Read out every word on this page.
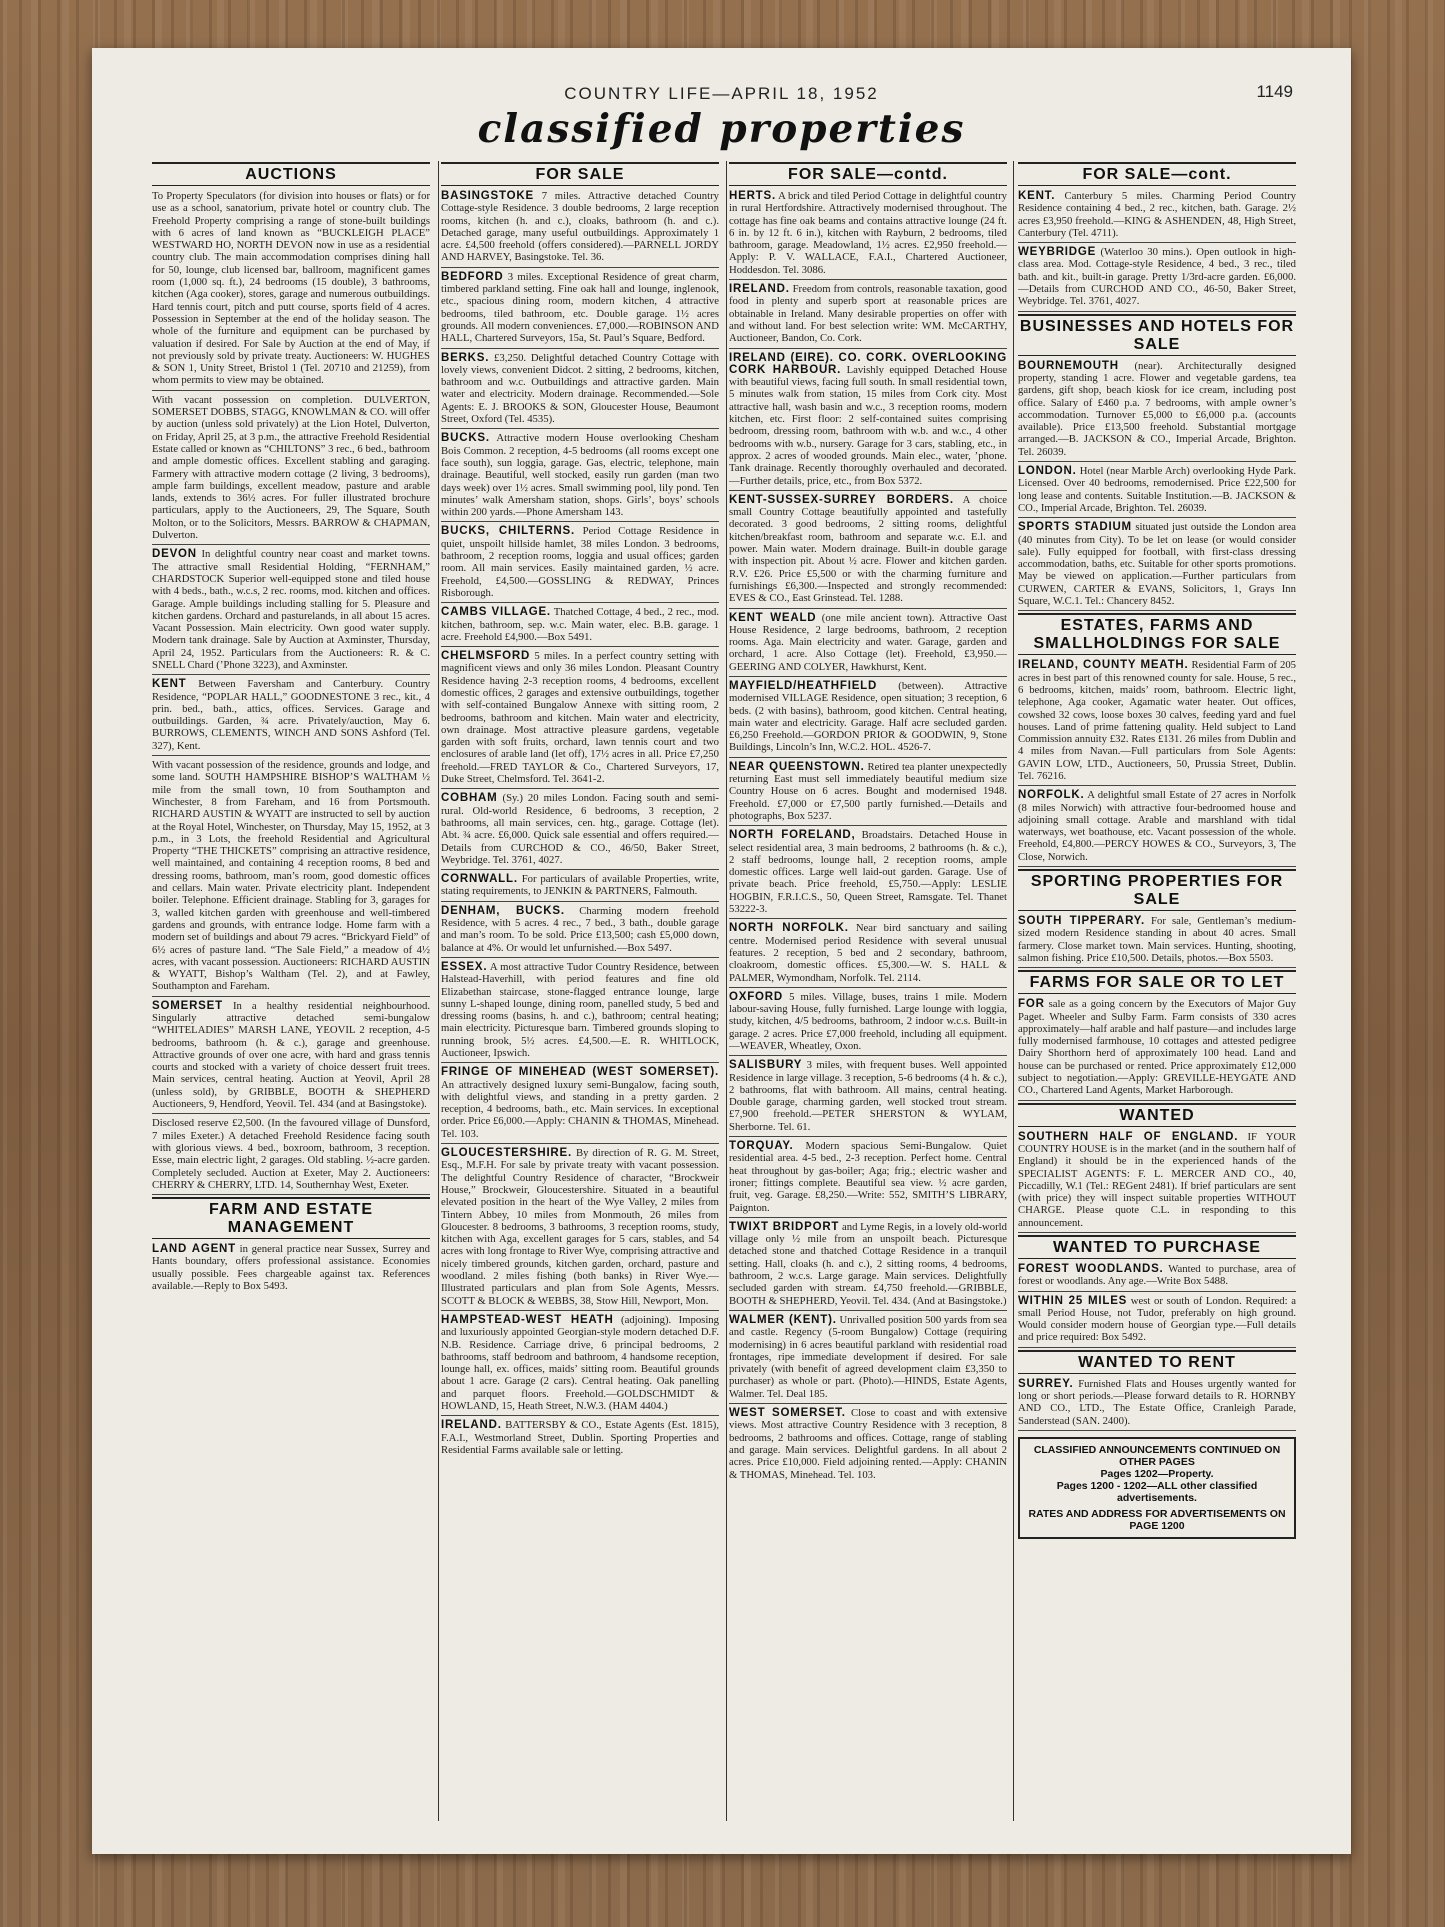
COUNTRY LIFE—APRIL 18, 1952	1149
classified properties
AUCTIONS
To Property Speculators (for division into houses or flats) or for use as a school, sanatorium, private hotel or country club. The Freehold Property comprising a range of stone-built buildings with 6 acres of land known as “BUCKLEIGH PLACE” WESTWARD HO, NORTH DEVON now in use as a residential country club. The main accommodation comprises dining hall for 50, lounge, club licensed bar, ballroom, magnificent games room (1,000 sq. ft.), 24 bedrooms (15 double), 3 bathrooms, kitchen (Aga cooker), stores, garage and numerous outbuildings. Hard tennis court, pitch and putt course, sports field of 4 acres. Possession in September at the end of the holiday season. The whole of the furniture and equipment can be purchased by valuation if desired. For Sale by Auction at the end of May, if not previously sold by private treaty. Auctioneers: W. HUGHES & SON 1, Unity Street, Bristol 1 (Tel. 20710 and 21259), from whom permits to view may be obtained.
With vacant possession on completion. DULVERTON, SOMERSET DOBBS, STAGG, KNOWLMAN & CO. will offer by auction (unless sold privately) at the Lion Hotel, Dulverton, on Friday, April 25, at 3 p.m., the attractive Freehold Residential Estate called or known as “CHILTONS” 3 rec., 6 bed., bathroom and ample domestic offices. Excellent stabling and garaging. Farmery with attractive modern cottage (2 living, 3 bedrooms), ample farm buildings, excellent meadow, pasture and arable lands, extends to 36½ acres. For fuller illustrated brochure particulars, apply to the Auctioneers, 29, The Square, South Molton, or to the Solicitors, Messrs. BARROW & CHAPMAN, Dulverton.
DEVON In delightful country near coast and market towns. The attractive small Residential Holding, “FERNHAM,” CHARDSTOCK Superior well-equipped stone and tiled house with 4 beds., bath., w.c.s, 2 rec. rooms, mod. kitchen and offices. Garage. Ample buildings including stalling for 5. Pleasure and kitchen gardens. Orchard and pasturelands, in all about 15 acres. Vacant Possession. Main electricity. Own good water supply. Modern tank drainage. Sale by Auction at Axminster, Thursday, April 24, 1952. Particulars from the Auctioneers: R. & C. SNELL Chard (’Phone 3223), and Axminster.
KENT Between Faversham and Canterbury. Country Residence, “POPLAR HALL,” GOODNESTONE 3 rec., kit., 4 prin. bed., bath., attics, offices. Services. Garage and outbuildings. Garden, ¾ acre. Privately/auction, May 6. BURROWS, CLEMENTS, WINCH AND SONS Ashford (Tel. 327), Kent.
With vacant possession of the residence, grounds and lodge, and some land. SOUTH HAMPSHIRE BISHOP’S WALTHAM ½ mile from the small town, 10 from Southampton and Winchester, 8 from Fareham, and 16 from Portsmouth. RICHARD AUSTIN & WYATT are instructed to sell by auction at the Royal Hotel, Winchester, on Thursday, May 15, 1952, at 3 p.m., in 3 Lots, the freehold Residential and Agricultural Property “THE THICKETS” comprising an attractive residence, well maintained, and containing 4 reception rooms, 8 bed and dressing rooms, bathroom, man’s room, good domestic offices and cellars. Main water. Private electricity plant. Independent boiler. Telephone. Efficient drainage. Stabling for 3, garages for 3, walled kitchen garden with greenhouse and well-timbered gardens and grounds, with entrance lodge. Home farm with a modern set of buildings and about 79 acres. “Brickyard Field” of 6½ acres of pasture land. “The Sale Field,” a meadow of 4½ acres, with vacant possession. Auctioneers: RICHARD AUSTIN & WYATT, Bishop’s Waltham (Tel. 2), and at Fawley, Southampton and Fareham.
SOMERSET In a healthy residential neighbourhood. Singularly attractive detached semi-bungalow “WHITELADIES” MARSH LANE, YEOVIL 2 reception, 4-5 bedrooms, bathroom (h. & c.), garage and greenhouse. Attractive grounds of over one acre, with hard and grass tennis courts and stocked with a variety of choice dessert fruit trees. Main services, central heating. Auction at Yeovil, April 28 (unless sold), by GRIBBLE, BOOTH & SHEPHERD Auctioneers, 9, Hendford, Yeovil. Tel. 434 (and at Basingstoke).
Disclosed reserve £2,500. (In the favoured village of Dunsford, 7 miles Exeter.) A detached Freehold Residence facing south with glorious views. 4 bed., boxroom, bathroom, 3 reception. Esse, main electric light, 2 garages. Old stabling. ½-acre garden. Completely secluded. Auction at Exeter, May 2. Auctioneers: CHERRY & CHERRY, LTD. 14, Southernhay West, Exeter.
FARM AND ESTATE MANAGEMENT
LAND AGENT in general practice near Sussex, Surrey and Hants boundary, offers professional assistance. Economies usually possible. Fees chargeable against tax. References available.—Reply to Box 5493.
FOR SALE
BASINGSTOKE 7 miles. Attractive detached Country Cottage-style Residence. 3 double bedrooms, 2 large reception rooms, kitchen (h. and c.), cloaks, bathroom (h. and c.). Detached garage, many useful outbuildings. Approximately 1 acre. £4,500 freehold (offers considered).—PARNELL JORDY AND HARVEY, Basingstoke. Tel. 36.
BEDFORD 3 miles. Exceptional Residence of great charm, timbered parkland setting. Fine oak hall and lounge, inglenook, etc., spacious dining room, modern kitchen, 4 attractive bedrooms, tiled bathroom, etc. Double garage. 1½ acres grounds. All modern conveniences. £7,000.—ROBINSON AND HALL, Chartered Surveyors, 15a, St. Paul’s Square, Bedford.
BERKS. £3,250. Delightful detached Country Cottage with lovely views, convenient Didcot. 2 sitting, 2 bedrooms, kitchen, bathroom and w.c. Outbuildings and attractive garden. Main water and electricity. Modern drainage. Recommended.—Sole Agents: E. J. BROOKS & SON, Gloucester House, Beaumont Street, Oxford (Tel. 4535).
BUCKS. Attractive modern House overlooking Chesham Bois Common. 2 reception, 4-5 bedrooms (all rooms except one face south), sun loggia, garage. Gas, electric, telephone, main drainage. Beautiful, well stocked, easily run garden (man two days week) over 1½ acres. Small swimming pool, lily pond. Ten minutes’ walk Amersham station, shops. Girls’, boys’ schools within 200 yards.—Phone Amersham 143.
BUCKS, CHILTERNS. Period Cottage Residence in quiet, unspoilt hillside hamlet, 38 miles London. 3 bedrooms, bathroom, 2 reception rooms, loggia and usual offices; garden room. All main services. Easily maintained garden, ½ acre. Freehold, £4,500.—GOSSLING & REDWAY, Princes Risborough.
CAMBS VILLAGE. Thatched Cottage, 4 bed., 2 rec., mod. kitchen, bathroom, sep. w.c. Main water, elec. B.B. garage. 1 acre. Freehold £4,900.—Box 5491.
CHELMSFORD 5 miles. In a perfect country setting with magnificent views and only 36 miles London. Pleasant Country Residence having 2-3 reception rooms, 4 bedrooms, excellent domestic offices, 2 garages and extensive outbuildings, together with self-contained Bungalow Annexe with sitting room, 2 bedrooms, bathroom and kitchen. Main water and electricity, own drainage. Most attractive pleasure gardens, vegetable garden with soft fruits, orchard, lawn tennis court and two enclosures of arable land (let off), 17½ acres in all. Price £7,250 freehold.—FRED TAYLOR & Co., Chartered Surveyors, 17, Duke Street, Chelmsford. Tel. 3641-2.
COBHAM (Sy.) 20 miles London. Facing south and semi-rural. Old-world Residence, 6 bedrooms, 3 reception, 2 bathrooms, all main services, cen. htg., garage. Cottage (let). Abt. ¾ acre. £6,000. Quick sale essential and offers required.—Details from CURCHOD & CO., 46/50, Baker Street, Weybridge. Tel. 3761, 4027.
CORNWALL. For particulars of available Properties, write, stating requirements, to JENKIN & PARTNERS, Falmouth.
DENHAM, BUCKS. Charming modern freehold Residence, with 5 acres. 4 rec., 7 bed., 3 bath., double garage and man’s room. To be sold. Price £13,500; cash £5,000 down, balance at 4%. Or would let unfurnished.—Box 5497.
ESSEX. A most attractive Tudor Country Residence, between Halstead-Haverhill, with period features and fine old Elizabethan staircase, stone-flagged entrance lounge, large sunny L-shaped lounge, dining room, panelled study, 5 bed and dressing rooms (basins, h. and c.), bathroom; central heating; main electricity. Picturesque barn. Timbered grounds sloping to running brook, 5½ acres. £4,500.—E. R. WHITLOCK, Auctioneer, Ipswich.
FRINGE OF MINEHEAD (WEST SOMERSET). An attractively designed luxury semi-Bungalow, facing south, with delightful views, and standing in a pretty garden. 2 reception, 4 bedrooms, bath., etc. Main services. In exceptional order. Price £6,000.—Apply: CHANIN & THOMAS, Minehead. Tel. 103.
GLOUCESTERSHIRE. By direction of R. G. M. Street, Esq., M.F.H. For sale by private treaty with vacant possession. The delightful Country Residence of character, “Brockweir House,” Brockweir, Gloucestershire. Situated in a beautiful elevated position in the heart of the Wye Valley, 2 miles from Tintern Abbey, 10 miles from Monmouth, 26 miles from Gloucester. 8 bedrooms, 3 bathrooms, 3 reception rooms, study, kitchen with Aga, excellent garages for 5 cars, stables, and 54 acres with long frontage to River Wye, comprising attractive and nicely timbered grounds, kitchen garden, orchard, pasture and woodland. 2 miles fishing (both banks) in River Wye.—Illustrated particulars and plan from Sole Agents, Messrs. SCOTT & BLOCK & WEBBS, 38, Stow Hill, Newport, Mon.
HAMPSTEAD-WEST HEATH (adjoining). Imposing and luxuriously appointed Georgian-style modern detached D.F. N.B. Residence. Carriage drive, 6 principal bedrooms, 2 bathrooms, staff bedroom and bathroom, 4 handsome reception, lounge hall, ex. offices, maids’ sitting room. Beautiful grounds about 1 acre. Garage (2 cars). Central heating. Oak panelling and parquet floors. Freehold.—GOLDSCHMIDT & HOWLAND, 15, Heath Street, N.W.3. (HAM 4404.)
IRELAND. BATTERSBY & CO., Estate Agents (Est. 1815), F.A.I., Westmorland Street, Dublin. Sporting Properties and Residential Farms available sale or letting.
FOR SALE—contd.
HERTS. A brick and tiled Period Cottage in delightful country in rural Hertfordshire. Attractively modernised throughout. The cottage has fine oak beams and contains attractive lounge (24 ft. 6 in. by 12 ft. 6 in.), kitchen with Rayburn, 2 bedrooms, tiled bathroom, garage. Meadowland, 1½ acres. £2,950 freehold.—Apply: P. V. WALLACE, F.A.I., Chartered Auctioneer, Hoddesdon. Tel. 3086.
IRELAND. Freedom from controls, reasonable taxation, good food in plenty and superb sport at reasonable prices are obtainable in Ireland. Many desirable properties on offer with and without land. For best selection write: WM. McCARTHY, Auctioneer, Bandon, Co. Cork.
IRELAND (EIRE). CO. CORK. OVERLOOKING CORK HARBOUR. Lavishly equipped Detached House with beautiful views, facing full south. In small residential town, 5 minutes walk from station, 15 miles from Cork city. Most attractive hall, wash basin and w.c., 3 reception rooms, modern kitchen, etc. First floor: 2 self-contained suites comprising bedroom, dressing room, bathroom with w.b. and w.c., 4 other bedrooms with w.b., nursery. Garage for 3 cars, stabling, etc., in approx. 2 acres of wooded grounds. Main elec., water, ’phone. Tank drainage. Recently thoroughly overhauled and decorated.—Further details, price, etc., from Box 5372.
KENT-SUSSEX-SURREY BORDERS. A choice small Country Cottage beautifully appointed and tastefully decorated. 3 good bedrooms, 2 sitting rooms, delightful kitchen/breakfast room, bathroom and separate w.c. E.l. and power. Main water. Modern drainage. Built-in double garage with inspection pit. About ½ acre. Flower and kitchen garden. R.V. £26. Price £5,500 or with the charming furniture and furnishings £6,300.—Inspected and strongly recommended: EVES & CO., East Grinstead. Tel. 1288.
KENT WEALD (one mile ancient town). Attractive Oast House Residence, 2 large bedrooms, bathroom, 2 reception rooms. Aga. Main electricity and water. Garage, garden and orchard, 1 acre. Also Cottage (let). Freehold, £3,950.—GEERING AND COLYER, Hawkhurst, Kent.
MAYFIELD/HEATHFIELD (between). Attractive modernised VILLAGE Residence, open situation; 3 reception, 6 beds. (2 with basins), bathroom, good kitchen. Central heating, main water and electricity. Garage. Half acre secluded garden. £6,250 Freehold.—GORDON PRIOR & GOODWIN, 9, Stone Buildings, Lincoln’s Inn, W.C.2. HOL. 4526-7.
NEAR QUEENSTOWN. Retired tea planter unexpectedly returning East must sell immediately beautiful medium size Country House on 6 acres. Bought and modernised 1948. Freehold. £7,000 or £7,500 partly furnished.—Details and photographs, Box 5237.
NORTH FORELAND, Broadstairs. Detached House in select residential area, 3 main bedrooms, 2 bathrooms (h. & c.), 2 staff bedrooms, lounge hall, 2 reception rooms, ample domestic offices. Large well laid-out garden. Garage. Use of private beach. Price freehold, £5,750.—Apply: LESLIE HOGBIN, F.R.I.C.S., 50, Queen Street, Ramsgate. Tel. Thanet 53222-3.
NORTH NORFOLK. Near bird sanctuary and sailing centre. Modernised period Residence with several unusual features. 2 reception, 5 bed and 2 secondary, bathroom, cloakroom, domestic offices. £5,300.—W. S. HALL & PALMER, Wymondham, Norfolk. Tel. 2114.
OXFORD 5 miles. Village, buses, trains 1 mile. Modern labour-saving House, fully furnished. Large lounge with loggia, study, kitchen, 4/5 bedrooms, bathroom, 2 indoor w.c.s. Built-in garage. 2 acres. Price £7,000 freehold, including all equipment.—WEAVER, Wheatley, Oxon.
SALISBURY 3 miles, with frequent buses. Well appointed Residence in large village. 3 reception, 5-6 bedrooms (4 h. & c.), 2 bathrooms, flat with bathroom. All mains, central heating. Double garage, charming garden, well stocked trout stream. £7,900 freehold.—PETER SHERSTON & WYLAM, Sherborne. Tel. 61.
TORQUAY. Modern spacious Semi-Bungalow. Quiet residential area. 4-5 bed., 2-3 reception. Perfect home. Central heat throughout by gas-boiler; Aga; frig.; electric washer and ironer; fittings complete. Beautiful sea view. ½ acre garden, fruit, veg. Garage. £8,250.—Write: 552, SMITH’S LIBRARY, Paignton.
TWIXT BRIDPORT and Lyme Regis, in a lovely old-world village only ½ mile from an unspoilt beach. Picturesque detached stone and thatched Cottage Residence in a tranquil setting. Hall, cloaks (h. and c.), 2 sitting rooms, 4 bedrooms, bathroom, 2 w.c.s. Large garage. Main services. Delightfully secluded garden with stream. £4,750 freehold.—GRIBBLE, BOOTH & SHEPHERD, Yeovil. Tel. 434. (And at Basingstoke.)
WALMER (KENT). Unrivalled position 500 yards from sea and castle. Regency (5-room Bungalow) Cottage (requiring modernising) in 6 acres beautiful parkland with residential road frontages, ripe immediate development if desired. For sale privately (with benefit of agreed development claim £3,350 to purchaser) as whole or part. (Photo).—HINDS, Estate Agents, Walmer. Tel. Deal 185.
WEST SOMERSET. Close to coast and with extensive views. Most attractive Country Residence with 3 reception, 8 bedrooms, 2 bathrooms and offices. Cottage, range of stabling and garage. Main services. Delightful gardens. In all about 2 acres. Price £10,000. Field adjoining rented.—Apply: CHANIN & THOMAS, Minehead. Tel. 103.
FOR SALE—cont.
KENT. Canterbury 5 miles. Charming Period Country Residence containing 4 bed., 2 rec., kitchen, bath. Garage. 2½ acres £3,950 freehold.—KING & ASHENDEN, 48, High Street, Canterbury (Tel. 4711).
WEYBRIDGE (Waterloo 30 mins.). Open outlook in high-class area. Mod. Cottage-style Residence, 4 bed., 3 rec., tiled bath. and kit., built-in garage. Pretty 1/3rd-acre garden. £6,000.—Details from CURCHOD AND CO., 46-50, Baker Street, Weybridge. Tel. 3761, 4027.
BUSINESSES AND HOTELS FOR SALE
BOURNEMOUTH (near). Architecturally designed property, standing 1 acre. Flower and vegetable gardens, tea gardens, gift shop, beach kiosk for ice cream, including post office. Salary of £460 p.a. 7 bedrooms, with ample owner’s accommodation. Turnover £5,000 to £6,000 p.a. (accounts available). Price £13,500 freehold. Substantial mortgage arranged.—B. JACKSON & CO., Imperial Arcade, Brighton. Tel. 26039.
LONDON. Hotel (near Marble Arch) overlooking Hyde Park. Licensed. Over 40 bedrooms, remodernised. Price £22,500 for long lease and contents. Suitable Institution.—B. JACKSON & CO., Imperial Arcade, Brighton. Tel. 26039.
SPORTS STADIUM situated just outside the London area (40 minutes from City). To be let on lease (or would consider sale). Fully equipped for football, with first-class dressing accommodation, baths, etc. Suitable for other sports promotions. May be viewed on application.—Further particulars from CURWEN, CARTER & EVANS, Solicitors, 1, Grays Inn Square, W.C.1. Tel.: Chancery 8452.
ESTATES, FARMS AND SMALLHOLDINGS FOR SALE
IRELAND, COUNTY MEATH. Residential Farm of 205 acres in best part of this renowned county for sale. House, 5 rec., 6 bedrooms, kitchen, maids’ room, bathroom. Electric light, telephone, Aga cooker, Agamatic water heater. Out offices, cowshed 32 cows, loose boxes 30 calves, feeding yard and fuel houses. Land of prime fattening quality. Held subject to Land Commission annuity £32. Rates £131. 26 miles from Dublin and 4 miles from Navan.—Full particulars from Sole Agents: GAVIN LOW, LTD., Auctioneers, 50, Prussia Street, Dublin. Tel. 76216.
NORFOLK. A delightful small Estate of 27 acres in Norfolk (8 miles Norwich) with attractive four-bedroomed house and adjoining small cottage. Arable and marshland with tidal waterways, wet boathouse, etc. Vacant possession of the whole. Freehold, £4,800.—PERCY HOWES & CO., Surveyors, 3, The Close, Norwich.
SPORTING PROPERTIES FOR SALE
SOUTH TIPPERARY. For sale, Gentleman’s medium-sized modern Residence standing in about 40 acres. Small farmery. Close market town. Main services. Hunting, shooting, salmon fishing. Price £10,500. Details, photos.—Box 5503.
FARMS FOR SALE OR TO LET
FOR sale as a going concern by the Executors of Major Guy Paget. Wheeler and Sulby Farm. Farm consists of 330 acres approximately—half arable and half pasture—and includes large fully modernised farmhouse, 10 cottages and attested pedigree Dairy Shorthorn herd of approximately 100 head. Land and house can be purchased or rented. Price approximately £12,000 subject to negotiation.—Apply: GREVILLE-HEYGATE AND CO., Chartered Land Agents, Market Harborough.
WANTED
SOUTHERN HALF OF ENGLAND. IF YOUR COUNTRY HOUSE is in the market (and in the southern half of England) it should be in the experienced hands of the SPECIALIST AGENTS: F. L. MERCER AND CO., 40, Piccadilly, W.1 (Tel.: REGent 2481). If brief particulars are sent (with price) they will inspect suitable properties WITHOUT CHARGE. Please quote C.L. in responding to this announcement.
WANTED TO PURCHASE
FOREST WOODLANDS. Wanted to purchase, area of forest or woodlands. Any age.—Write Box 5488.
WITHIN 25 MILES west or south of London. Required: a small Period House, not Tudor, preferably on high ground. Would consider modern house of Georgian type.—Full details and price required: Box 5492.
WANTED TO RENT
SURREY. Furnished Flats and Houses urgently wanted for long or short periods.—Please forward details to R. HORNBY AND CO., LTD., The Estate Office, Cranleigh Parade, Sanderstead (SAN. 2400).
CLASSIFIED ANNOUNCEMENTS CONTINUED ON OTHER PAGES
Pages 1202—Property.
Pages 1200 - 1202—ALL other classified advertisements.
RATES AND ADDRESS FOR ADVERTISEMENTS ON PAGE 1200
